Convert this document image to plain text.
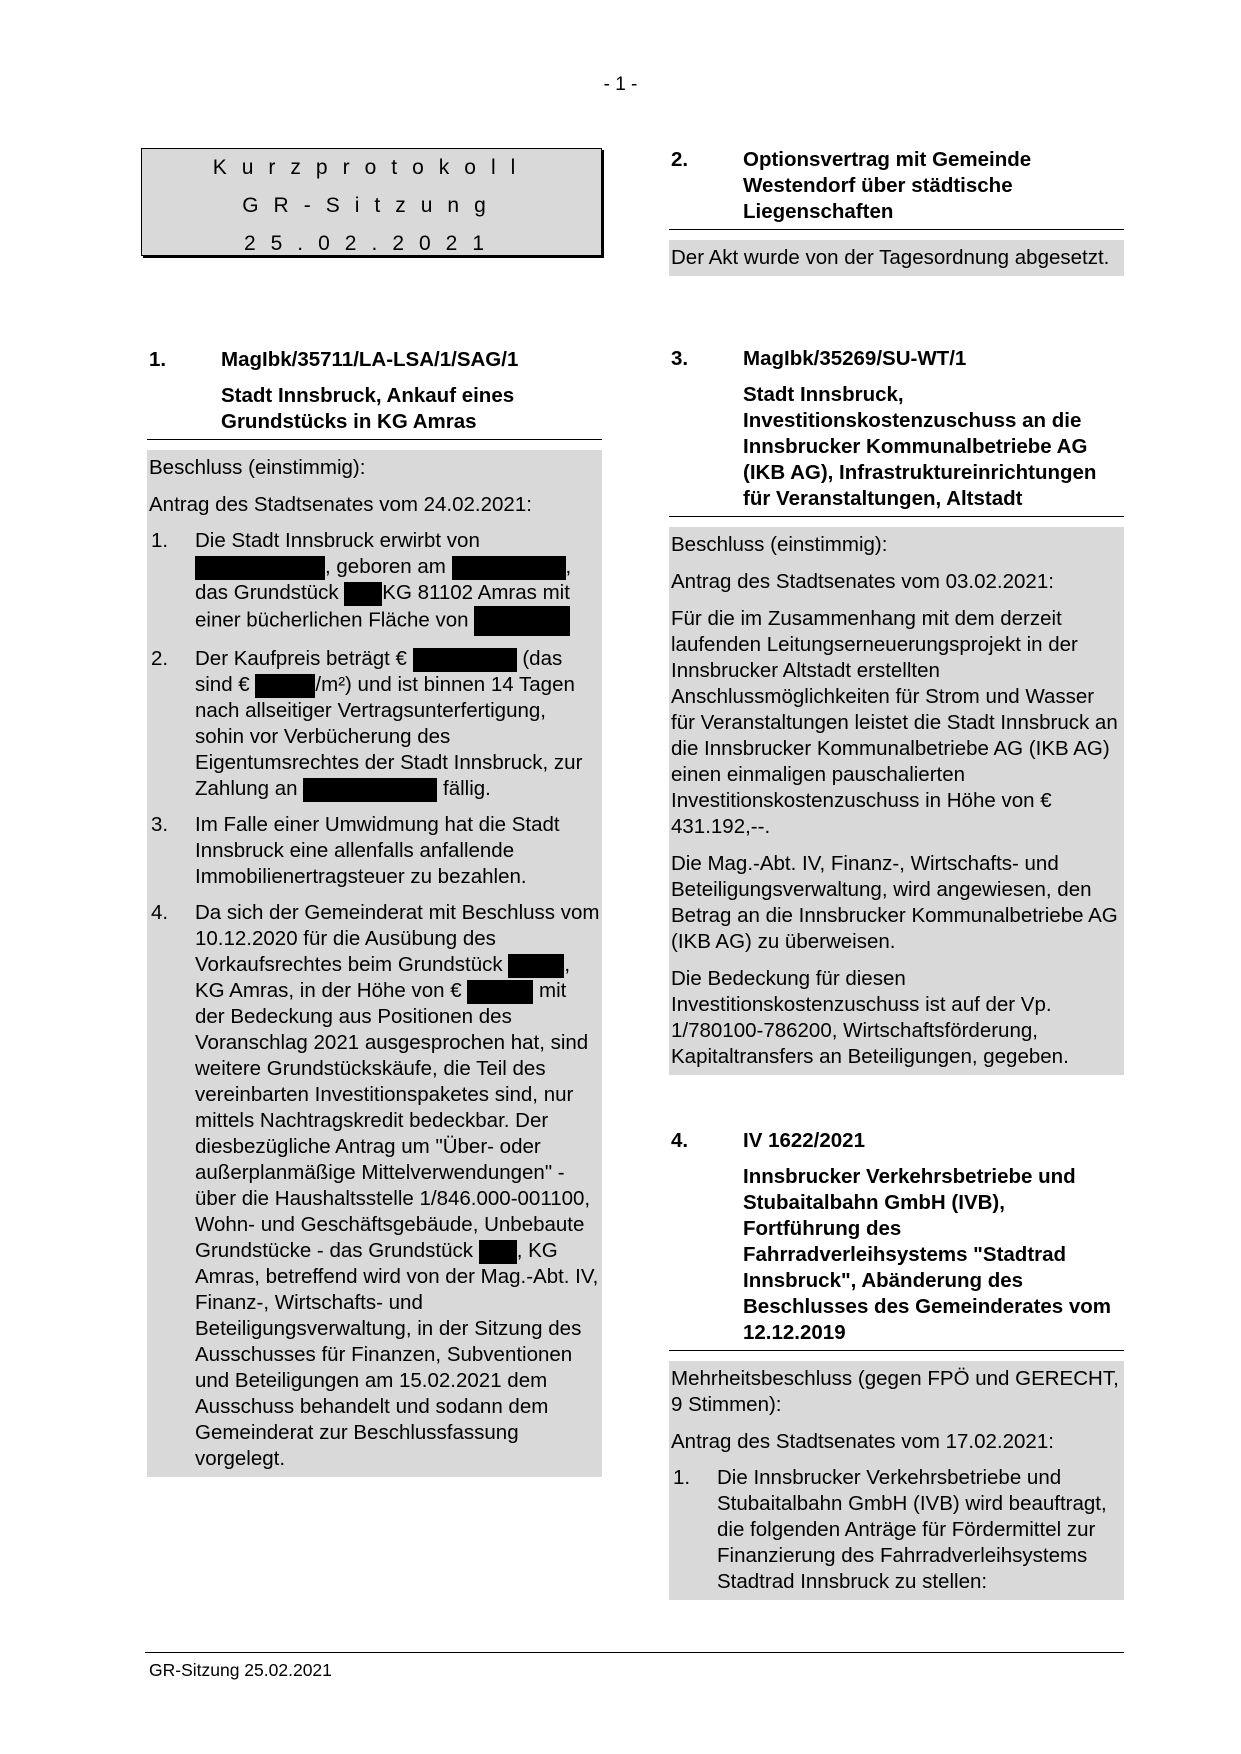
- 1 -
Kurzprotokoll
GR-Sitzung
25.02.2021
1.	MagIbk/35711/LA-LSA/1/SAG/1
Stadt Innsbruck, Ankauf eines Grundstücks in KG Amras

Beschluss (einstimmig):

Antrag des Stadtsenates vom 24.02.2021:

1. Die Stadt Innsbruck erwirbt von , geboren am	, das Grundstück KG 81102 Amras mit einer bücherlichen Fläche von
2. Der Kaufpreis beträgt €	(das sind €	/m²) und ist binnen 14 Tagen nach allseitiger Vertragsunterfertigung, sohin vor Verbücherung des Eigentumsrechtes der Stadt Innsbruck, zur Zahlung an	fällig.
3. Im Falle einer Umwidmung hat die Stadt Innsbruck eine allenfalls anfallende Immobilienertragsteuer zu bezahlen.
4. Da sich der Gemeinderat mit Beschluss vom 10.12.2020 für die Ausübung des Vorkaufsrechtes beim Grundstück	, KG Amras, in der Höhe von €	mit der Bedeckung aus Positionen des Voranschlag 2021 ausgesprochen hat, sind weitere Grundstückskäufe, die Teil des vereinbarten Investitionspaketes sind, nur mittels Nachtragskredit bedeckbar. Der diesbezügliche Antrag um "Über- oder außerplanmäßige Mittelverwendungen" - über die Haushaltsstelle 1/846.000-001100, Wohn- und Geschäftsgebäude, Unbebaute Grundstücke - das Grundstück , KG Amras, betreffend wird von der Mag.-Abt. IV, Finanz-, Wirtschafts- und Beteiligungsverwaltung, in der Sitzung des Ausschusses für Finanzen, Subventionen und Beteiligungen am 15.02.2021 dem Ausschuss behandelt und sodann dem Gemeinderat zur Beschlussfassung vorgelegt.
2.	Optionsvertrag mit Gemeinde Westendorf über städtische Liegenschaften

Der Akt wurde von der Tagesordnung abgesetzt.

3.	MagIbk/35269/SU-WT/1
Stadt Innsbruck, Investitionskostenzuschuss an die Innsbrucker Kommunalbetriebe AG (IKB AG), Infrastruktureinrichtungen für Veranstaltungen, Altstadt

Beschluss (einstimmig):

Antrag des Stadtsenates vom 03.02.2021:

Für die im Zusammenhang mit dem derzeit laufenden Leitungserneuerungsprojekt in der Innsbrucker Altstadt erstellten Anschlussmöglichkeiten für Strom und Wasser für Veranstaltungen leistet die Stadt Innsbruck an die Innsbrucker Kommunalbetriebe AG (IKB AG) einen einmaligen pauschalierten Investitionskostenzuschuss in Höhe von € 431.192,--.

Die Mag.-Abt. IV, Finanz-, Wirtschafts- und Beteiligungsverwaltung, wird angewiesen, den Betrag an die Innsbrucker Kommunalbetriebe AG (IKB AG) zu überweisen.

Die Bedeckung für diesen Investitionskostenzuschuss ist auf der Vp. 1/780100-786200, Wirtschaftsförderung, Kapitaltransfers an Beteiligungen, gegeben.

4.	IV 1622/2021
Innsbrucker Verkehrsbetriebe und Stubaitalbahn GmbH (IVB), Fortführung des Fahrradverleihsystems "Stadtrad Innsbruck", Abänderung des Beschlusses des Gemeinderates vom 12.12.2019

Mehrheitsbeschluss (gegen FPÖ und GERECHT, 9 Stimmen):

Antrag des Stadtsenates vom 17.02.2021:

1. Die Innsbrucker Verkehrsbetriebe und Stubaitalbahn GmbH (IVB) wird beauftragt, die folgenden Anträge für Fördermittel zur Finanzierung des Fahrradverleihsystems Stadtrad Innsbruck zu stellen:
GR-Sitzung 25.02.2021
